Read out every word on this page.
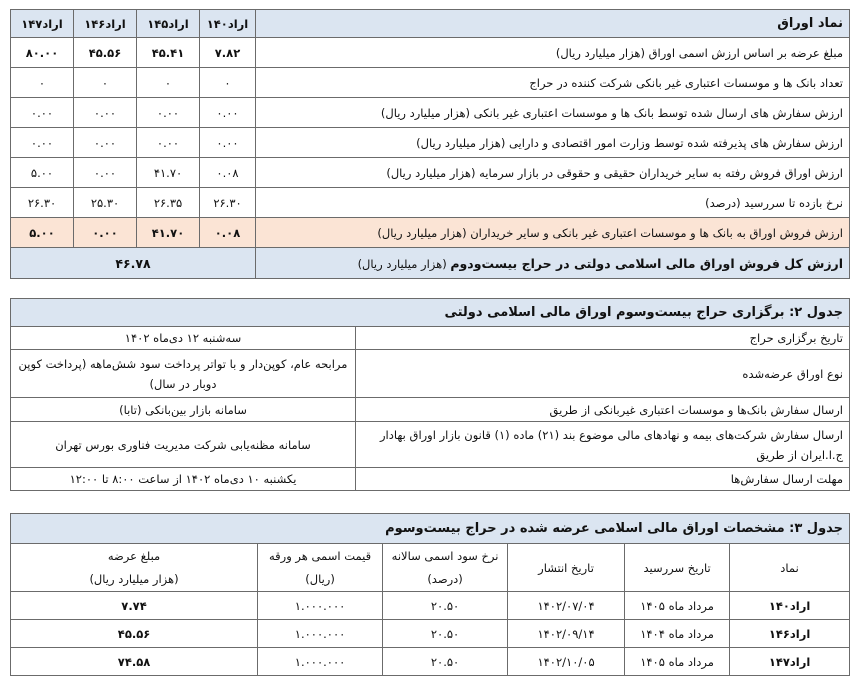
نماد اوراق	اراد۱۴۰	اراد۱۴۵	اراد۱۴۶	اراد۱۴۷
مبلغ عرضه بر اساس ارزش اسمی اوراق (هزار میلیارد ریال)	۷.۸۲	۴۵.۴۱	۴۵.۵۶	۸۰.۰۰
تعداد بانک ها و موسسات اعتباری غیر بانکی شرکت کننده در حراج	۰	۰	۰	۰
ارزش سفارش های ارسال شده توسط بانک ها و موسسات اعتباری غیر بانکی (هزار میلیارد ریال)	۰.۰۰	۰.۰۰	۰.۰۰	۰.۰۰
ارزش سفارش های پذیرفته شده توسط وزارت امور اقتصادی و دارایی (هزار میلیارد ریال)	۰.۰۰	۰.۰۰	۰.۰۰	۰.۰۰
ارزش اوراق فروش رفته به سایر خریداران حقیقی و حقوقی در بازار سرمایه (هزار میلیارد ریال)	۰.۰۸	۴۱.۷۰	۰.۰۰	۵.۰۰
نرخ بازده تا سررسید (درصد)	۲۶.۳۰	۲۶.۳۵	۲۵.۳۰	۲۶.۳۰
ارزش فروش اوراق به بانک ها و موسسات اعتباری غیر بانکی و سایر خریداران (هزار میلیارد ریال)	۰.۰۸	۴۱.۷۰	۰.۰۰	۵.۰۰
ارزش کل فروش اوراق مالی اسلامی دولتی در حراج بیست‌ودوم (هزار میلیارد ریال)	۴۶.۷۸			
جدول ۲: برگزاری حراج بیست‌وسوم اوراق مالی اسلامی دولتی	
تاریخ برگزاری حراج	سه‌شنبه ۱۲ دی‌ماه ۱۴۰۲
نوع اوراق عرضه‌شده	مرابحه عام، کوپن‌دار و با تواتر پرداخت سود شش‌ماهه (پرداخت کوپن دوبار در سال)
ارسال سفارش بانک‌ها و موسسات اعتباری غیربانکی از طریق	سامانه بازار بین‌بانکی (تابا)
ارسال سفارش شرکت‌های بیمه و نهادهای مالی موضوع بند (۲۱) ماده (۱) قانون بازار اوراق بهادار ج.ا.ایران از طریق	سامانه مظنه‌یابی شرکت مدیریت فناوری بورس تهران
مهلت ارسال سفارش‌ها	یکشنبه ۱۰ دی‌ماه ۱۴۰۲ از ساعت ۸:۰۰ تا ۱۲:۰۰
جدول ۳: مشخصات اوراق مالی اسلامی عرضه شده در حراج بیست‌وسوم					
نماد	تاریخ سررسید	تاریخ انتشار	نرخ سود اسمی سالانه	قیمت اسمی هر ورقه	مبلغ عرضه
			(درصد)	(ریال)	(هزار میلیارد ریال)
اراد۱۴۰	مرداد ماه ۱۴۰۵	۱۴۰۲/۰۷/۰۴	۲۰.۵۰	۱.۰۰۰.۰۰۰	۷.۷۴
اراد۱۴۶	مرداد ماه ۱۴۰۴	۱۴۰۲/۰۹/۱۴	۲۰.۵۰	۱.۰۰۰.۰۰۰	۴۵.۵۶
اراد۱۴۷	مرداد ماه ۱۴۰۵	۱۴۰۲/۱۰/۰۵	۲۰.۵۰	۱.۰۰۰.۰۰۰	۷۴.۵۸
